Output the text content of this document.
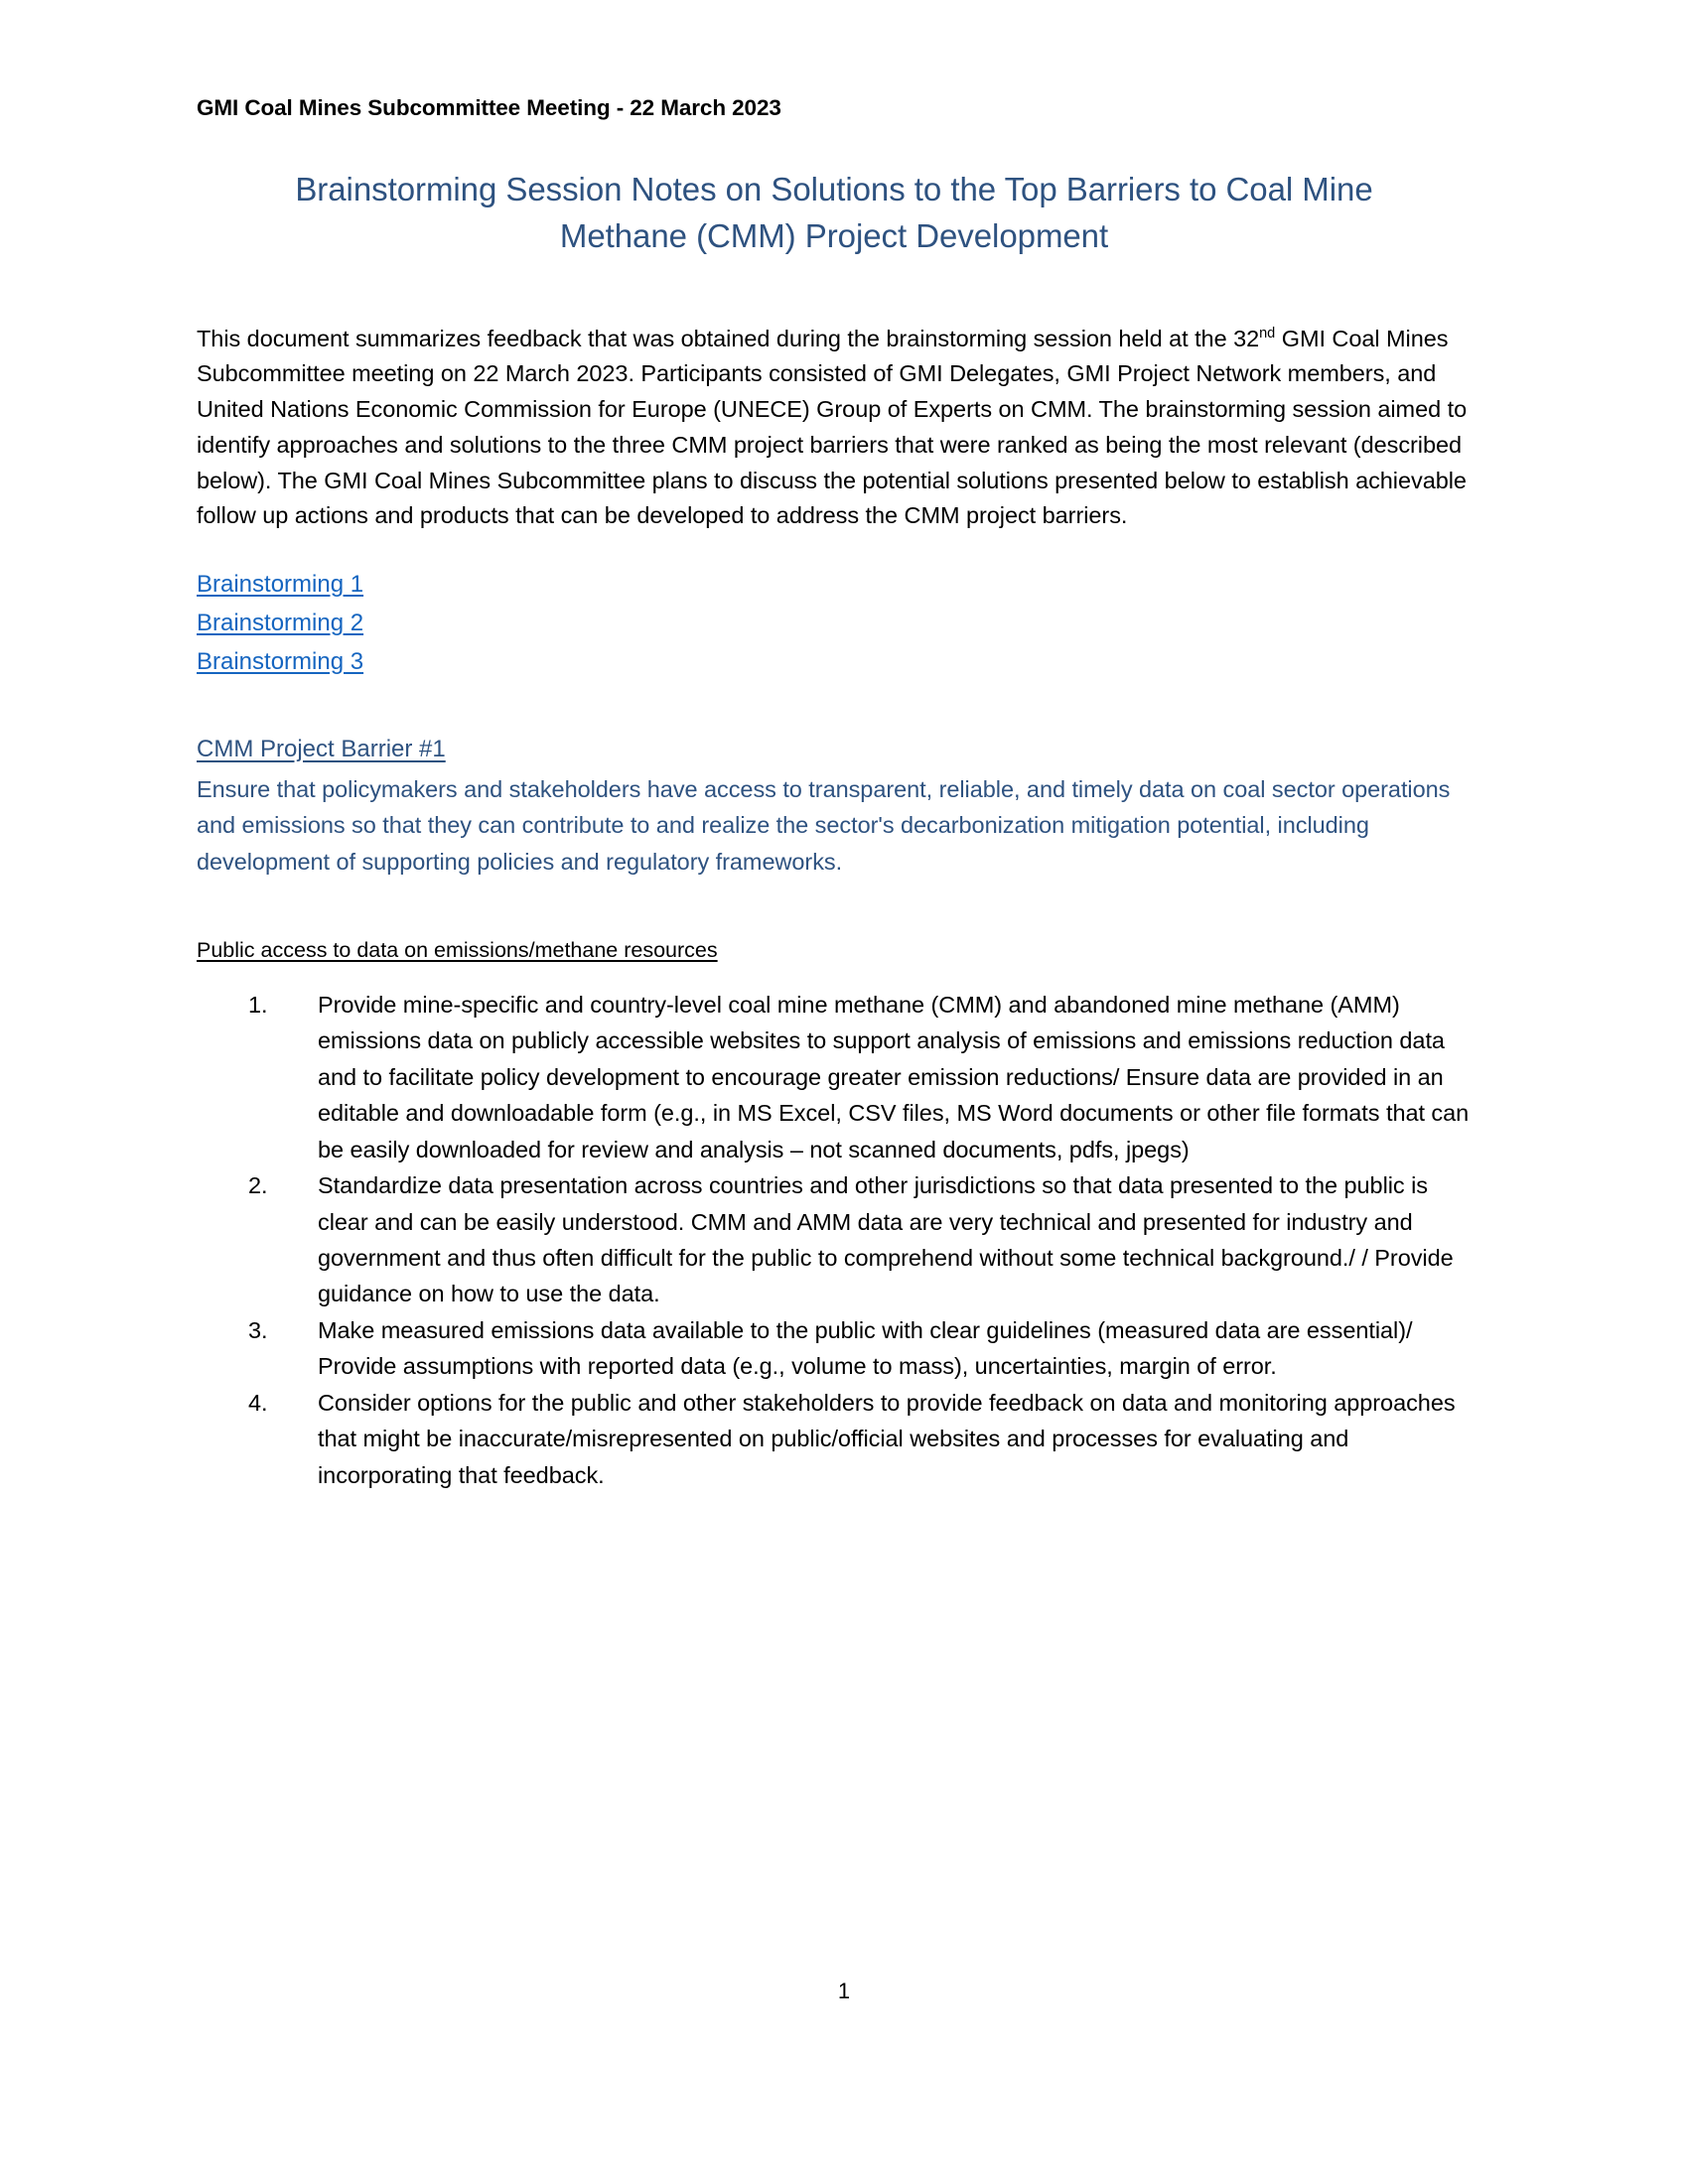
GMI Coal Mines Subcommittee Meeting - 22 March 2023
Brainstorming Session Notes on Solutions to the Top Barriers to Coal Mine Methane (CMM) Project Development

This document summarizes feedback that was obtained during the brainstorming session held at the 32nd GMI Coal Mines Subcommittee meeting on 22 March 2023. Participants consisted of GMI Delegates, GMI Project Network members, and United Nations Economic Commission for Europe (UNECE) Group of Experts on CMM. The brainstorming session aimed to identify approaches and solutions to the three CMM project barriers that were ranked as being the most relevant (described below). The GMI Coal Mines Subcommittee plans to discuss the potential solutions presented below to establish achievable follow up actions and products that can be developed to address the CMM project barriers.

Brainstorming 1
Brainstorming 2
Brainstorming 3
CMM Project Barrier #1

Ensure that policymakers and stakeholders have access to transparent, reliable, and timely data on coal sector operations and emissions so that they can contribute to and realize the sector's decarbonization mitigation potential, including development of supporting policies and regulatory frameworks.

Public access to data on emissions/methane resources
Provide mine-specific and country-level coal mine methane (CMM) and abandoned mine methane (AMM) emissions data on publicly accessible websites to support analysis of emissions and emissions reduction data and to facilitate policy development to encourage greater emission reductions/ Ensure data are provided in an editable and downloadable form (e.g., in MS Excel, CSV files, MS Word documents or other file formats that can be easily downloaded for review and analysis – not scanned documents, pdfs, jpegs)
Standardize data presentation across countries and other jurisdictions so that data presented to the public is clear and can be easily understood. CMM and AMM data are very technical and presented for industry and government and thus often difficult for the public to comprehend without some technical background./ / Provide guidance on how to use the data.
Make measured emissions data available to the public with clear guidelines (measured data are essential)/ Provide assumptions with reported data (e.g., volume to mass), uncertainties, margin of error.
Consider options for the public and other stakeholders to provide feedback on data and monitoring approaches that might be inaccurate/misrepresented on public/official websites and processes for evaluating and incorporating that feedback.
1
